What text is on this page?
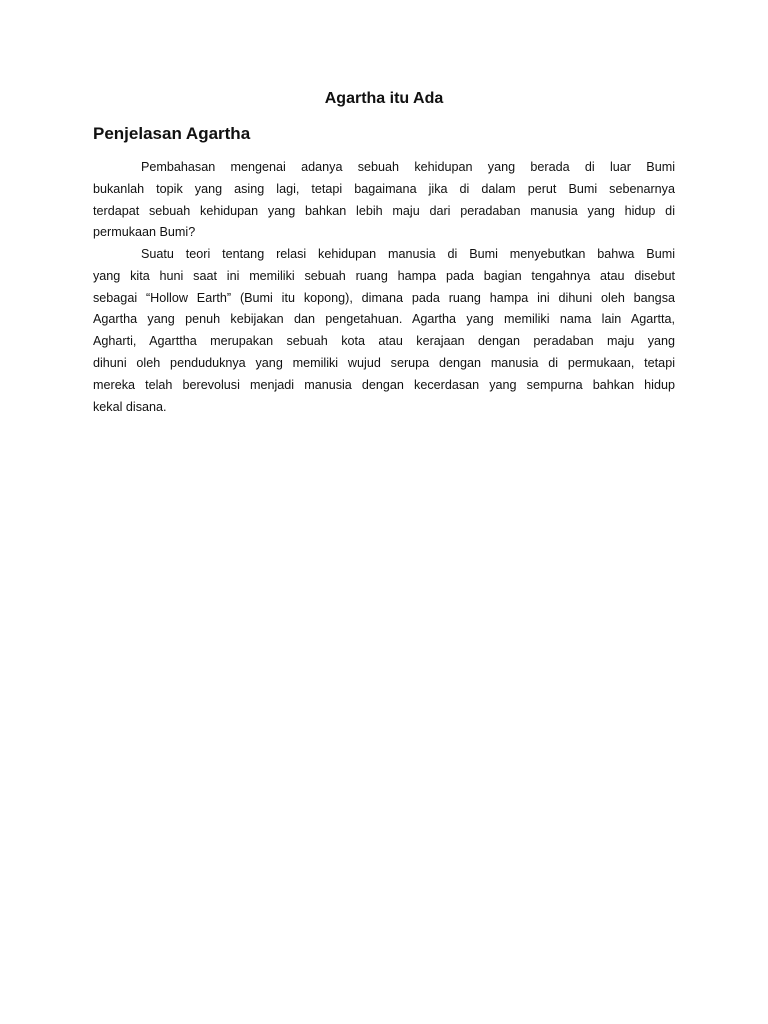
Agartha itu Ada
Penjelasan Agartha
Pembahasan mengenai adanya sebuah kehidupan yang berada di luar Bumi
bukanlah topik yang asing lagi, tetapi bagaimana jika di dalam perut Bumi sebenarnya
terdapat sebuah kehidupan yang bahkan lebih maju dari peradaban manusia yang hidup di
permukaan Bumi?
Suatu teori tentang relasi kehidupan manusia di Bumi menyebutkan bahwa Bumi
yang kita huni saat ini memiliki sebuah ruang hampa pada bagian tengahnya atau disebut
sebagai “Hollow Earth” (Bumi itu kopong), dimana pada ruang hampa ini dihuni oleh bangsa
Agartha yang penuh kebijakan dan pengetahuan. Agartha yang memiliki nama lain Agartta,
Agharti, Agarttha merupakan sebuah kota atau kerajaan dengan peradaban maju yang
dihuni oleh penduduknya yang memiliki wujud serupa dengan manusia di permukaan, tetapi
mereka telah berevolusi menjadi manusia dengan kecerdasan yang sempurna bahkan hidup
kekal disana.
